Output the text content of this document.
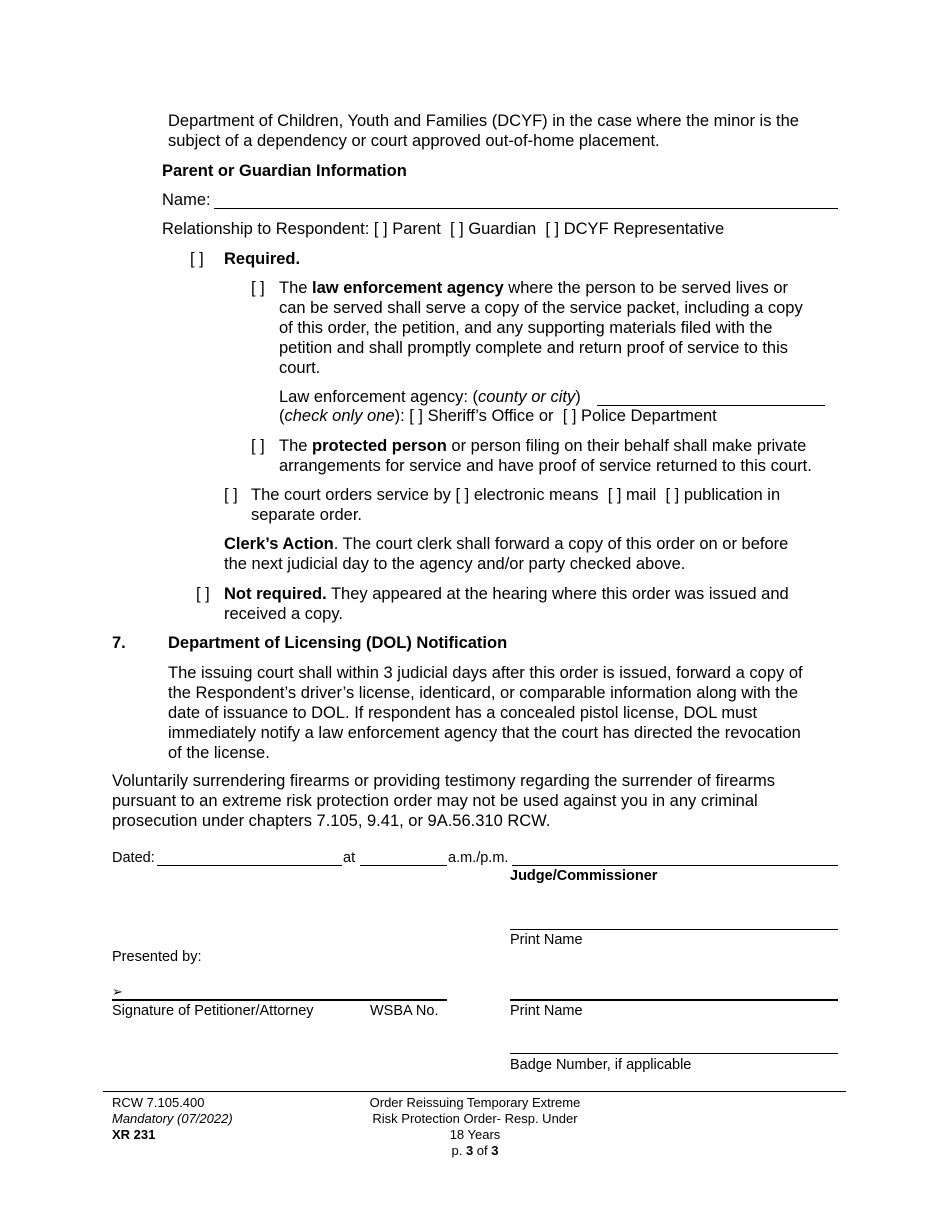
Department of Children, Youth and Families (DCYF) in the case where the minor is the
subject of a dependency or court approved out-of-home placement.
Parent or Guardian Information
Name:
Relationship to Respondent: [ ] Parent  [ ] Guardian  [ ] DCYF Representative
[ ] Required.
[ ] The law enforcement agency where the person to be served lives or
can be served shall serve a copy of the service packet, including a copy
of this order, the petition, and any supporting materials filed with the
petition and shall promptly complete and return proof of service to this
court.
Law enforcement agency: (county or city)
(check only one): [ ] Sheriff’s Office or  [ ] Police Department
[ ] The protected person or person filing on their behalf shall make private
arrangements for service and have proof of service returned to this court.
[ ] The court orders service by [ ] electronic means  [ ] mail  [ ] publication in
separate order.
Clerk’s Action. The court clerk shall forward a copy of this order on or before
the next judicial day to the agency and/or party checked above.
[ ] Not required. They appeared at the hearing where this order was issued and
received a copy.
7.	Department of Licensing (DOL) Notification
The issuing court shall within 3 judicial days after this order is issued, forward a copy of
the Respondent’s driver’s license, identicard, or comparable information along with the
date of issuance to DOL. If respondent has a concealed pistol license, DOL must
immediately notify a law enforcement agency that the court has directed the revocation
of the license.
Voluntarily surrendering firearms or providing testimony regarding the surrender of firearms
pursuant to an extreme risk protection order may not be used against you in any criminal
prosecution under chapters 7.105, 9.41, or 9A.56.310 RCW.
Dated:	at	a.m./p.m.
Judge/Commissioner
Print Name
Presented by:
➢
Signature of Petitioner/Attorney	WSBA No.	Print Name
Badge Number, if applicable
RCW 7.105.400
Mandatory (07/2022)
XR 231
Order Reissuing Temporary Extreme
Risk Protection Order- Resp. Under
18 Years
p. 3 of 3
